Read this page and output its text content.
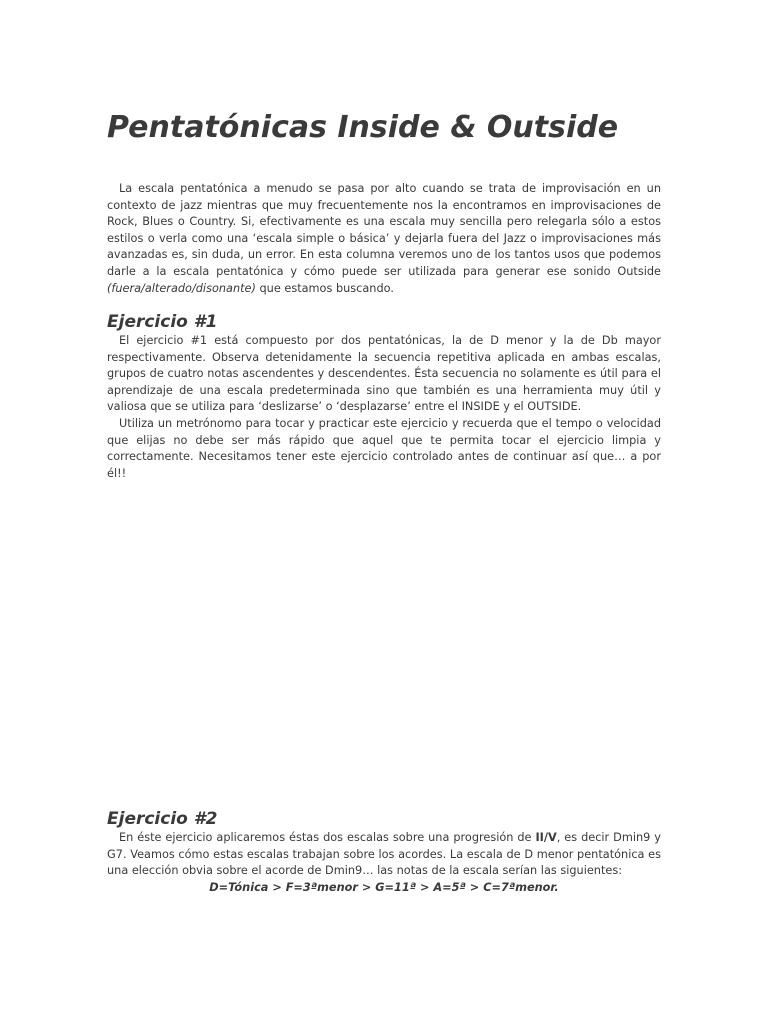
Pentatónicas Inside & Outside

La escala pentatónica a menudo se pasa por alto cuando se trata de improvisación en un contexto de jazz mientras que muy frecuentemente nos la encontramos en improvisaciones de Rock, Blues o Country. Si, efectivamente es una escala muy sencilla pero relegarla sólo a estos estilos o verla como una ‘escala simple o básica’ y dejarla fuera del Jazz o improvisaciones más avanzadas es, sin duda, un error. En esta columna veremos uno de los tantos usos que podemos darle a la escala pentatónica y cómo puede ser utilizada para generar ese sonido Outside (fuera/alterado/disonante) que estamos buscando.

Ejercicio #1

El ejercicio #1 está compuesto por dos pentatónicas, la de D menor y la de Db mayor respectivamente. Observa detenidamente la secuencia repetitiva aplicada en ambas escalas, grupos de cuatro notas ascendentes y descendentes. Ésta secuencia no solamente es útil para el aprendizaje de una escala predeterminada sino que también es una herramienta muy útil y valiosa que se utiliza para ‘deslizarse’ o ‘desplazarse’ entre el INSIDE y el OUTSIDE.

Utiliza un metrónomo para tocar y practicar este ejercicio y recuerda que el tempo o velocidad que elijas no debe ser más rápido que aquel que te permita tocar el ejercicio limpia y correctamente. Necesitamos tener este ejercicio controlado antes de continuar así que… a por él!!

Ejercicio #2

En éste ejercicio aplicaremos éstas dos escalas sobre una progresión de II/V, es decir Dmin9 y G7. Veamos cómo estas escalas trabajan sobre los acordes. La escala de D menor pentatónica es una elección obvia sobre el acorde de Dmin9… las notas de la escala serían las siguientes:

D=Tónica > F=3ªmenor > G=11ª > A=5ª > C=7ªmenor.
